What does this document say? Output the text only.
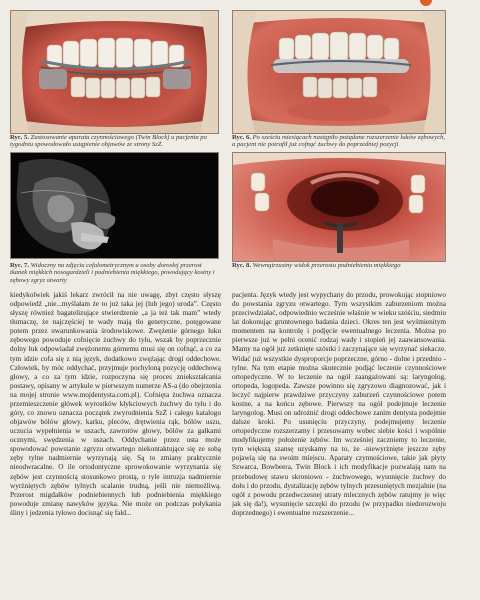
Ryc. 5. Zastosowanie aparatu czynnościowego (Twin Block) u pacjenta po tygodniu spowodowało ustąpienie objawów ze strony SzŻ.
Ryc. 6. Po sześciu miesiącach nastąpiło pożądane rozszerzenie łuków zębowych, a pacjent nie potrafił już cofnąć żuchwy do poprzedniej pozycji
Ryc. 7. Widoczny na zdjęciu cefalometrycznym u osoby dorosłej przerost tkanek miękkich nosogardzieli i podniebienia miękkiego, powodujący kostny i zębowy zgryz otwarty
Ryc. 8. Wewnątrzustny widok przerostu podniebienia miękkiego

kiedykolwiek jakiś lekarz zwrócił na nie uwagę, zbyt często słyszę odpowiedź „nie...myślałam że to już taka jej (lub jego) uroda”. Często słyszę również bagatelizujące stwierdzenie „a ja też tak mam” wtedy tłumaczę, że najczęściej te wady mają tło genetyczne, potęgowane potem przez uwarunkowania środowiskowe. Zwężenie górnego łuku zębowego powoduje cofnięcie żuchwy do tyłu, wszak by poprzecznie dolny łuk odpowiadał zwężonemu górnemu musi się on cofnąć, a co za tym idzie cofa się z nią język, dodatkowo zwężając drogi oddechowe. Człowiek, by móc oddychać, przyjmuje pochyloną pozycję oddechową głowy, a co za tym idzie, rozpoczyna się proces zniekształcania postawy, opisany w artykule w pierwszym numerze AS-a (do obejrzenia na mojej stronie www.mojdentysta.com.pl). Cofnięta żuchwa oznacza przemieszczenie główek wyrostków kłykciowych żuchwy do tyłu i do góry, co znowu oznacza początek zwyrodnienia SzŻ i całego katalogu objawów bólów głowy, karku, pleców, drętwienia rąk, bólów uszu, uczucia wypełnienia w uszach, zawrotów głowy, bólów za gałkami ocznymi, swędzenia w uszach. Oddychanie przez usta może spowodować powstanie zgryzu otwartego niekontaktujące się ze sobą zęby tylne nadmiernie wyrzynają się. Są to zmiany praktycznie nieodwracalne. O ile ortodontyczne sprowokowanie wyrzynania się zębów jest czynnością stosunkowo prostą, o tyle intruzja nadmiernie wyrżniętych zębów tylnych scalanie trudną, jeśli nie niemożliwą. Przerost migdałków podniebiennych lub podniebienia miękkiego powoduje zmianę nawyków języka. Nie może on podczas połykania śliny i jedzenia tyłowo docisnąć się fałd...

pacjenta. Język wtedy jest wypychany do przodu, prowokując stopniowo do powstania zgryzu otwartego. Tym wszystkim zaburzeniom można przeciwdziałać, odpowiednio wcześnie właśnie w wieku szóściu, siedmiu lat dokonując gruntownego badania dzieci. Okres ten jest wyśmienitym momentem na kontrolę i podjęcie ewentualnego leczenia. Można po pierwsze już w pełni ocenić rodzaj wady i stopień jej zaawansowania. Mamy na ogół już zetknięte szóstki i zaczynające się wyrzynać siekacze. Widać już wszystkie dysproporcje poprzeczne, górno - dolne i przednio - tylne. Na tym etapie można skutecznie podjąć leczenie czynnościowe ortopedyczne. W to leczenie na ogół zaangażowani są: laryngolog, ortopeda, logopeda. Zawsze powinno się zgryzowo diagnozować, jak i leczyć najpierw prawdziwe przyczyny zaburzeń czynnościowe potem kostne, a na końcu zębowe. Pierwszy na ogół podejmuje leczenie laryngolog. Musi on udrożnić drogi oddechowe zanim dentysta podejmie dalsze kroki. Po usunięciu przyczyny, podejmujemy leczenie ortopedyczne rozszerzamy i przesuwamy wobec siebie kości i wspólnie modyfikujemy położenie zębów. Im wcześniej zaczniemy to leczenie, tym większą szansę uzyskamy na to, że -niewyrżnięte jeszcze zęby pojawią się na swoim miejscu. Aparaty czynnościowe, takie jak płyty Szwarca, Bowbeera, Twin Block i ich modyfikacje pozwalają nam na przebudowę stawu skroniowo - żuchwowego, wysunięcie żuchwy do dołu i do przodu, dystalizację zębów tylnych przesuniętych mezjalnie (na ogół z powodu przedwczesnej utraty mlecznych zębów ratujmy je więc jak się da!), wysunięcie szczęki do przodu (w przypadku niedorozwoju doprzednego) i ewentualne rozszerzenie...
